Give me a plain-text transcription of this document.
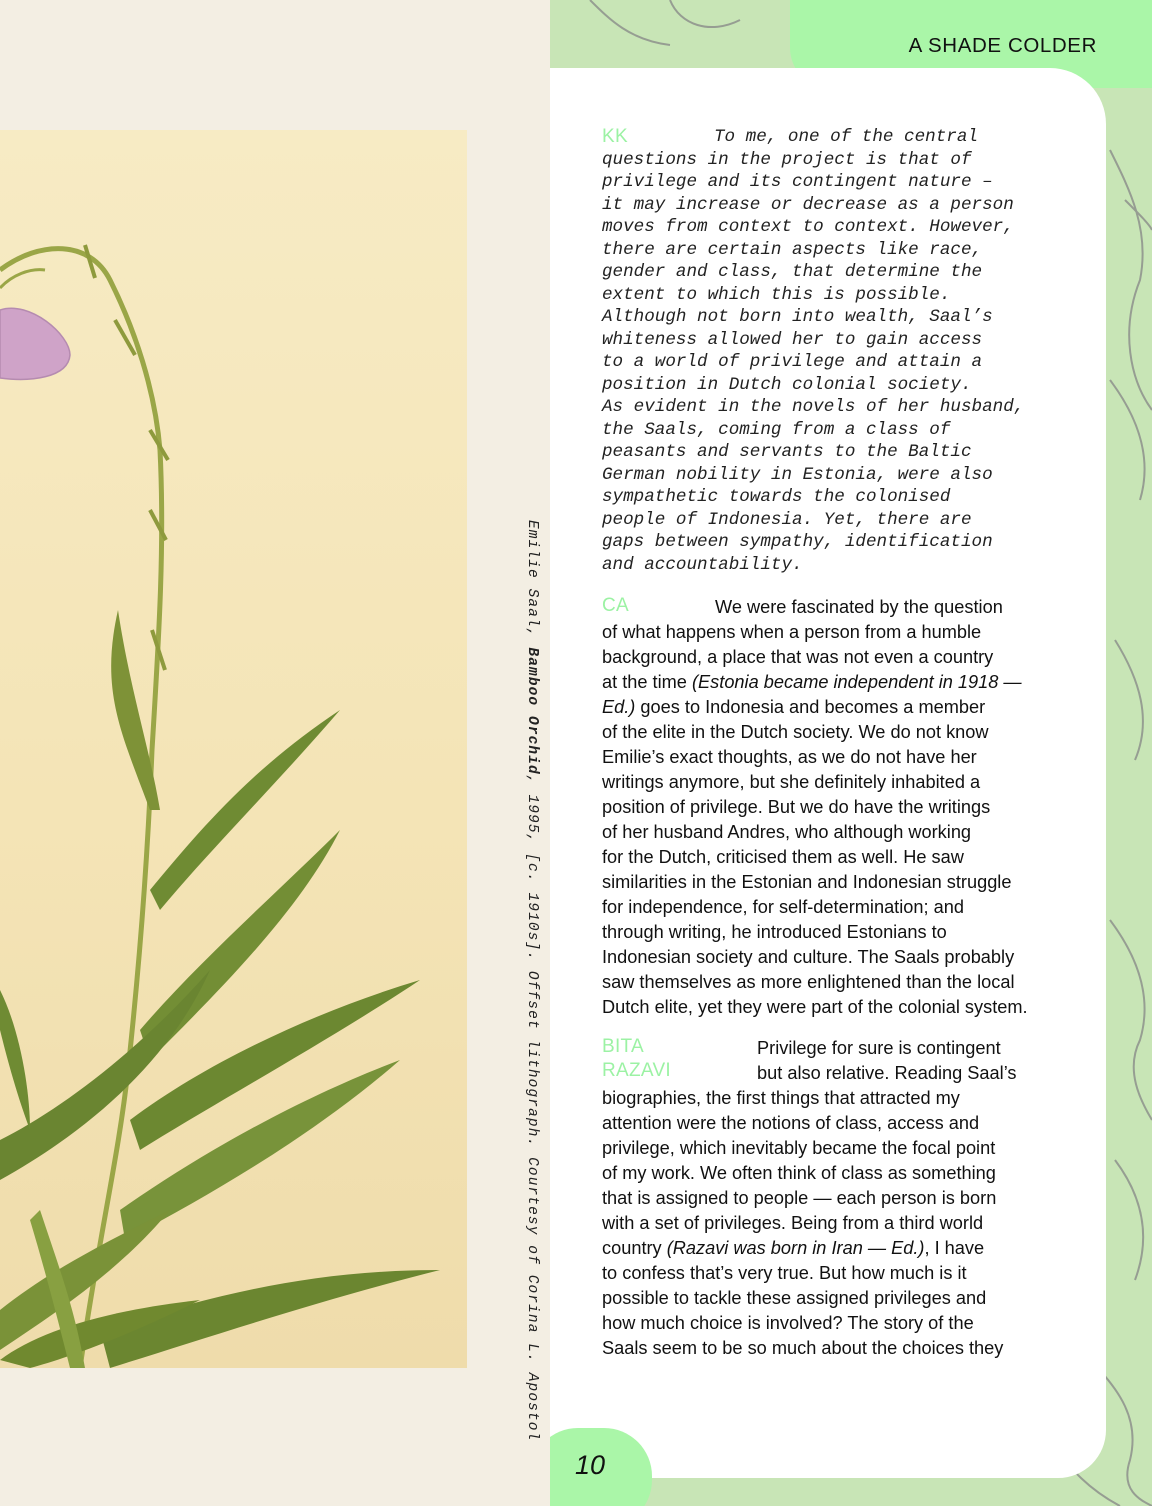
Emilie Saal, Bamboo Orchid, 1995, [c. 1910s]. Offset lithograph. Courtesy of Corina L. Apostol
A SHADE COLDER
KK	To me, one of the central
questions in the project is that of
privilege and its contingent nature –
it may increase or decrease as a person
moves from context to context. However,
there are certain aspects like race,
gender and class, that determine the
extent to which this is possible.
Although not born into wealth, Saal’s
whiteness allowed her to gain access
to a world of privilege and attain a
position in Dutch colonial society.
As evident in the novels of her husband,
the Saals, coming from a class of
peasants and servants to the Baltic
German nobility in Estonia, were also
sympathetic towards the colonised
people of Indonesia. Yet, there are
gaps between sympathy, identification
and accountability.
CA	We were fascinated by the question
of what happens when a person from a humble
background, a place that was not even a country
at the time (Estonia became independent in 1918 —
Ed.) goes to Indonesia and becomes a member
of the elite in the Dutch society. We do not know
Emilie’s exact thoughts, as we do not have her
writings anymore, but she definitely inhabited a
position of privilege. But we do have the writings
of her husband Andres, who although working
for the Dutch, criticised them as well. He saw
similarities in the Estonian and Indonesian struggle
for independence, for self-determination; and
through writing, he introduced Estonians to
Indonesian society and culture. The Saals probably
saw themselves as more enlightened than the local
Dutch elite, yet they were part of the colonial system.
BITA
RAZAVI
Privilege for sure is contingent
but also relative. Reading Saal’s
biographies, the first things that attracted my
attention were the notions of class, access and
privilege, which inevitably became the focal point
of my work. We often think of class as something
that is assigned to people — each person is born
with a set of privileges. Being from a third world
country (Razavi was born in Iran — Ed.), I have
to confess that’s very true. But how much is it
possible to tackle these assigned privileges and
how much choice is involved? The story of the
Saals seem to be so much about the choices they
10
